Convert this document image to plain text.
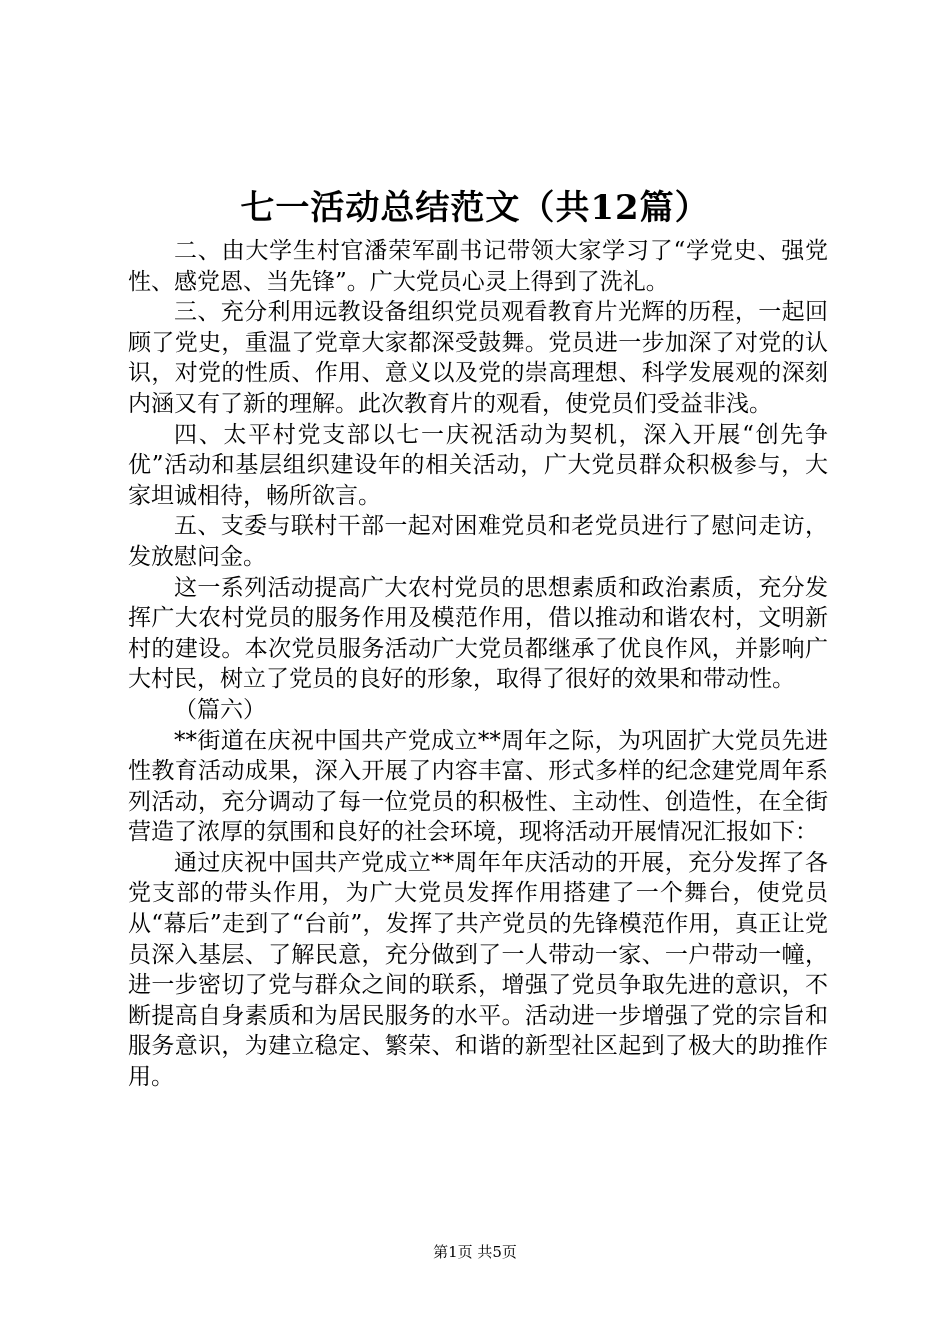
七一活动总结范文（共12篇）

二、由大学生村官潘荣军副书记带领大家学习了“学党史、强党性、感党恩、当先锋”。广大党员心灵上得到了洗礼。

三、充分利用远教设备组织党员观看教育片光辉的历程，一起回顾了党史，重温了党章大家都深受鼓舞。党员进一步加深了对党的认识，对党的性质、作用、意义以及党的崇高理想、科学发展观的深刻内涵又有了新的理解。此次教育片的观看，使党员们受益非浅。

四、太平村党支部以七一庆祝活动为契机，深入开展“创先争优”活动和基层组织建设年的相关活动，广大党员群众积极参与，大家坦诚相待，畅所欲言。

五、支委与联村干部一起对困难党员和老党员进行了慰问走访，发放慰问金。

这一系列活动提高广大农村党员的思想素质和政治素质，充分发挥广大农村党员的服务作用及模范作用，借以推动和谐农村，文明新村的建设。本次党员服务活动广大党员都继承了优良作风，并影响广大村民，树立了党员的良好的形象，取得了很好的效果和带动性。

（篇六）

**街道在庆祝中国共产党成立**周年之际，为巩固扩大党员先进性教育活动成果，深入开展了内容丰富、形式多样的纪念建党周年系列活动，充分调动了每一位党员的积极性、主动性、创造性，在全街营造了浓厚的氛围和良好的社会环境，现将活动开展情况汇报如下：

通过庆祝中国共产党成立**周年年庆活动的开展，充分发挥了各党支部的带头作用，为广大党员发挥作用搭建了一个舞台，使党员从“幕后”走到了“台前”，发挥了共产党员的先锋模范作用，真正让党员深入基层、了解民意，充分做到了一人带动一家、一户带动一幢，进一步密切了党与群众之间的联系，增强了党员争取先进的意识，不断提高自身素质和为居民服务的水平。活动进一步增强了党的宗旨和服务意识，为建立稳定、繁荣、和谐的新型社区起到了极大的助推作用。

第1页 共5页
